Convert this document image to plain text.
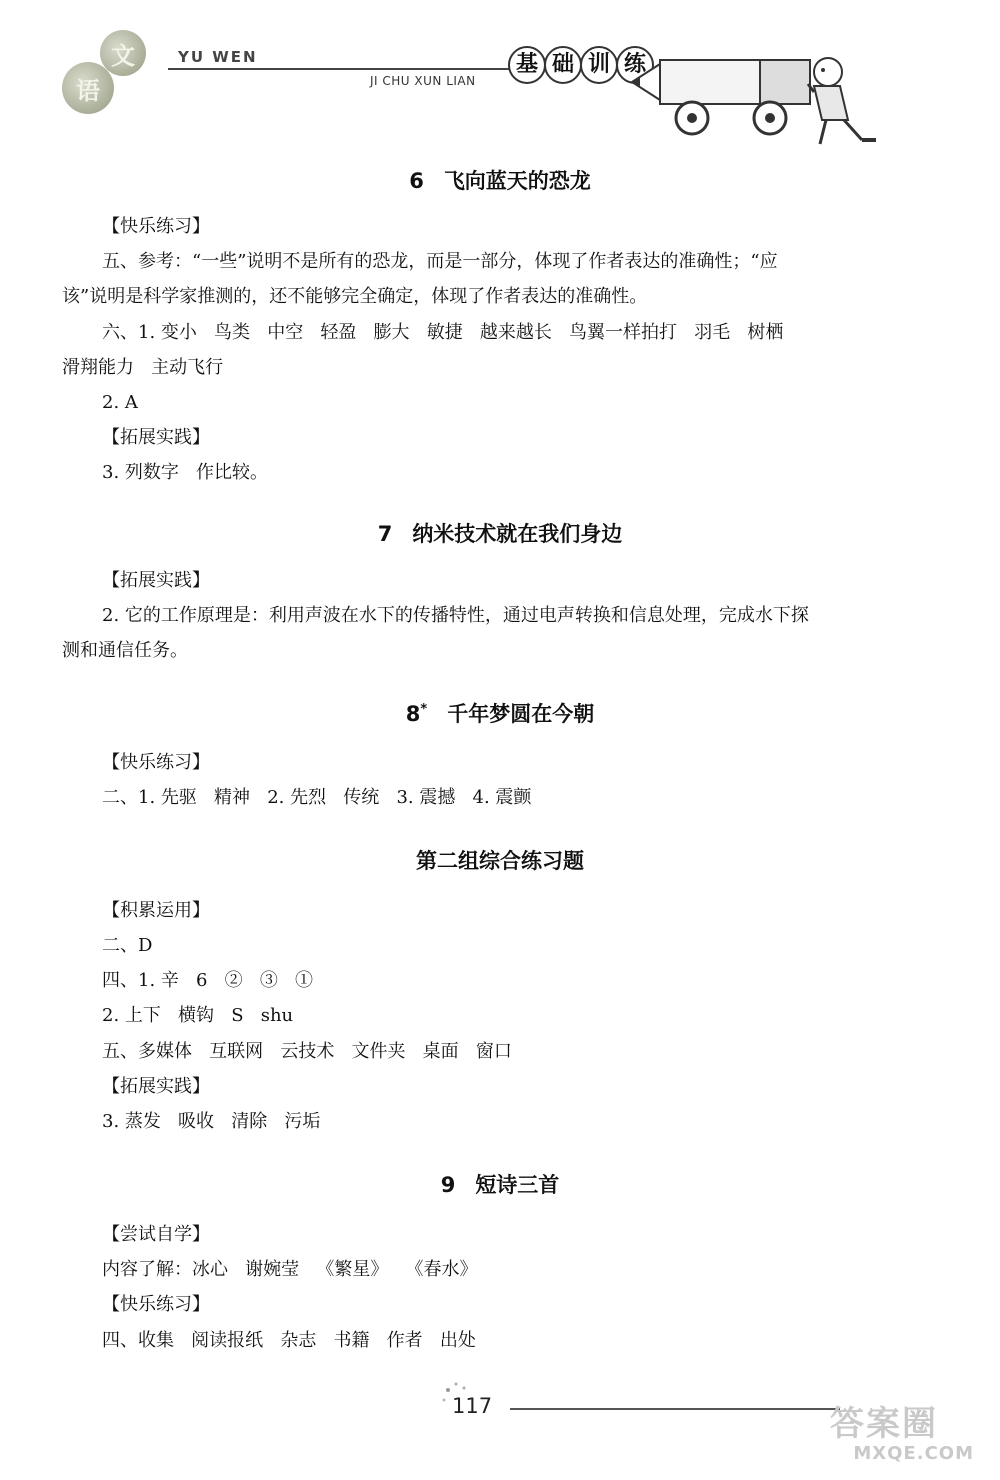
语
文	YU WEN
JI CHU XUN LIAN
基 础 训 练
6 飞向蓝天的恐龙
【快乐练习】
五、参考：“一些”说明不是所有的恐龙，而是一部分，体现了作者表达的准确性；“应
该”说明是科学家推测的，还不能够完全确定，体现了作者表达的准确性。
六、1. 变小   鸟类   中空   轻盈   膨大   敏捷   越来越长   鸟翼一样拍打   羽毛   树栖
滑翔能力   主动飞行
2. A
【拓展实践】
3. 列数字   作比较。
7 纳米技术就在我们身边
【拓展实践】
2. 它的工作原理是：利用声波在水下的传播特性，通过电声转换和信息处理，完成水下探
测和通信任务。
8* 千年梦圆在今朝
【快乐练习】
二、1. 先驱   精神   2. 先烈   传统   3. 震撼   4. 震颤
第二组综合练习题
【积累运用】
二、D
四、1. 辛   6   ②   ③   ①
2. 上下   横钩   S   shu
五、多媒体   互联网   云技术   文件夹   桌面   窗口
【拓展实践】
3. 蒸发   吸收   清除   污垢
9 短诗三首
【尝试自学】
内容了解：冰心   谢婉莹   《繁星》   《春水》
【快乐练习】
四、收集   阅读报纸   杂志   书籍   作者   出处
117	答案圈
MXQE.COM
